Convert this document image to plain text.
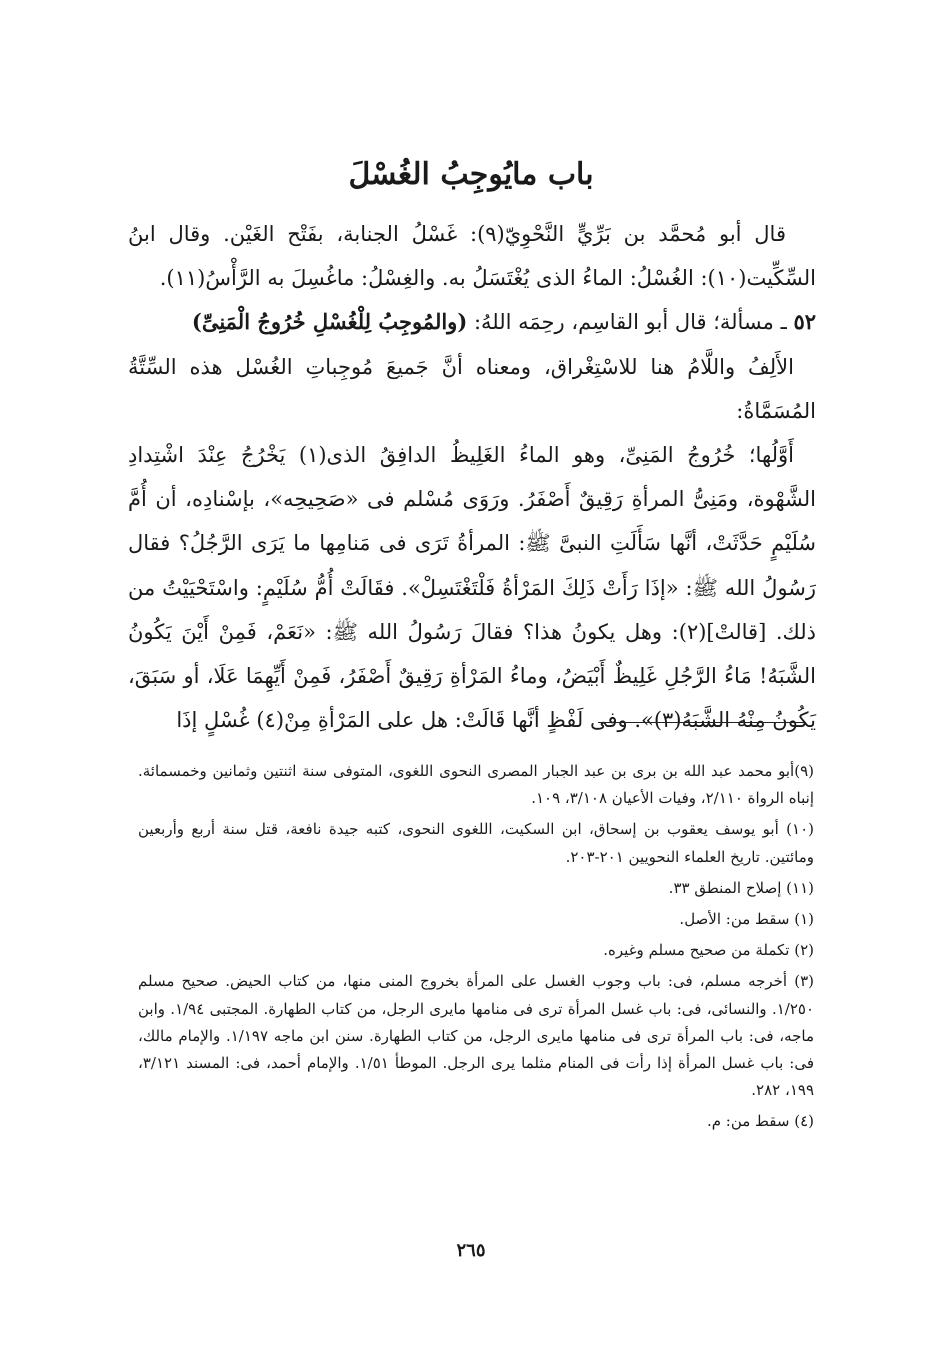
باب مايُوجِبُ الغُسْلَ

قال أبو مُحمَّد بن بَرِّيٍّ النَّحْوِيّ(٩): غَسْلُ الجنابة، بفَتْح الغَيْن. وقال ابنُ السِّكِّيت(١٠): الغُسْلُ: الماءُ الذى يُغْتَسَلُ به. والغِسْلُ: ماغُسِلَ به الرَّأْسُ(١١).

٥٢ ـ مسألة؛ قال أبو القاسِم، رحِمَه اللهُ: (والمُوجِبُ لِلْغُسْلِ خُرُوجُ الْمَنِىِّ)

الأَلِفُ واللَّامُ هنا للاسْتِغْراق، ومعناه أنَّ جَميعَ مُوجِباتِ الغُسْل هذه السِّتَّةُ المُسَمَّاةُ:

أَوَّلُها؛ خُرُوجُ المَنِىِّ، وهو الماءُ الغَلِيظُ الدافِقُ الذى(١) يَخْرُجُ عِنْدَ اشْتِدادِ الشَّهْوة، ومَنِىُّ المرأةِ رَقِيقٌ أَصْفَرُ. ورَوَى مُسْلم فى «صَحِيحِه»، بإسْنادِه، أن أُمَّ سُلَيْمٍ حَدَّثَتْ، أنَّها سَأَلَتِ النبىَّ ﷺ: المرأةُ تَرَى فى مَنامِها ما يَرَى الرَّجُلُ؟ فقال رَسُولُ الله ﷺ: «إذَا رَأَتْ ذَلِكَ المَرْأةُ فَلْتَغْتَسِلْ». فقَالَتْ أُمُّ سُلَيْمٍ: واسْتَحْيَيْتُ من ذلك. [قالتْ](٢): وهل يكونُ هذا؟ فقالَ رَسُولُ الله ﷺ: «نَعَمْ، فَمِنْ أَيْنَ يَكُونُ الشَّبَهُ! مَاءُ الرَّجُلِ غَلِيظٌ أَبْيَضُ، وماءُ المَرْأةِ رَقِيقٌ أَصْفَرُ، فَمِنْ أَيِّهِمَا عَلَا، أو سَبَقَ، يَكُونُ مِنْهُ الشَّبَهُ(٣)». وفى لَفْظٍ أنَّها قَالَتْ: هل على المَرْأةِ مِنْ(٤) غُسْلٍ إذَا

(٩)أبو محمد عبد الله بن برى بن عبد الجبار المصرى النحوى اللغوى، المتوفى سنة اثنتين وثمانين وخمسمائة. إنباه الرواة ٢/١١٠، وفيات الأعيان ٣/١٠٨، ١٠٩.

(١٠) أبو يوسف يعقوب بن إسحاق، ابن السكيت، اللغوى النحوى، كتبه جيدة نافعة، قتل سنة أربع وأربعين ومائتين. تاريخ العلماء النحويين ٢٠١-٢٠٣.

(١١) إصلاح المنطق ٣٣.

(١) سقط من: الأصل.

(٢) تكملة من صحيح مسلم وغيره.

(٣) أخرجه مسلم، فى: باب وجوب الغسل على المرأة بخروج المنى منها، من كتاب الحيض. صحيح مسلم ١/٢٥٠. والنسائى، فى: باب غسل المرأة ترى فى منامها مايرى الرجل، من كتاب الطهارة. المجتبى ١/٩٤. وابن ماجه، فى: باب المرأة ترى فى منامها مايرى الرجل، من كتاب الطهارة. سنن ابن ماجه ١/١٩٧. والإمام مالك، فى: باب غسل المرأة إذا رأت فى المنام مثلما يرى الرجل. الموطأ ١/٥١. والإمام أحمد، فى: المسند ٣/١٢١، ١٩٩، ٢٨٢.

(٤) سقط من: م.

٢٦٥
